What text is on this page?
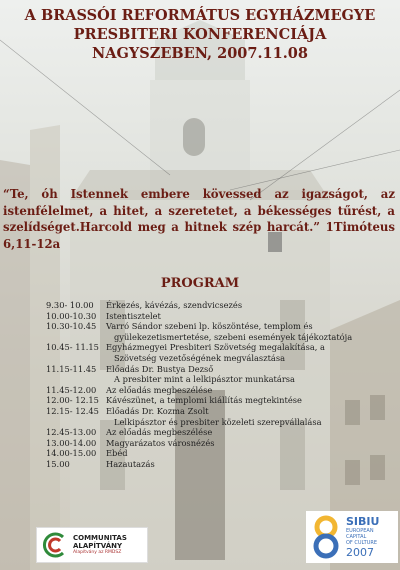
A BRASSÓI REFORMÁTUS EGYHÁZMEGYE
PRESBITERI KONFERENCIÁJA
NAGYSZEBEN, 2007.11.08
“Te, óh Istennek embere kövessed az igazságot, az istenfélelmet, a hitet, a szeretetet, a békességes tűrést, a szelídséget.Harcold meg a hitnek szép harcát.” 1Timóteus 6,11-12a
PROGRAM
9.30- 10.00	Érkezés, kávézás, szendvicsezés
10.00-10.30	Istentisztelet
10.30-10.45	Varró Sándor szebeni lp. köszöntése, templom és
gyülekezetismertetése, szebeni események tájékoztatója
10.45- 11.15 Egyházmegyei Presbiteri Szövetség megalakítása, a
Szövetség vezetőségének megválasztása
11.15-11.45	Előadás Dr. Bustya Dezső
A presbiter mint a lelkipásztor munkatársa
11.45-12.00	Az előadás megbeszélése
12.00- 12.15 Kávészünet, a templomi kiállítás megtekintése
12.15- 12.45 Előadás Dr. Kozma Zsolt
Lelkipásztor és presbiter közeleti szerepvállalása
12.45-13.00	Az előadás megbeszélése
13.00-14.00	Magyarázatos városnézés
14.00-15.00	Ebéd
15.00	Hazautazás
COMMUNITAS
ALAPÍTVÁNY
Alapítvány az RMDSZ
SIBIU
EUROPEAN
CAPITAL
OF CULTURE
2007
